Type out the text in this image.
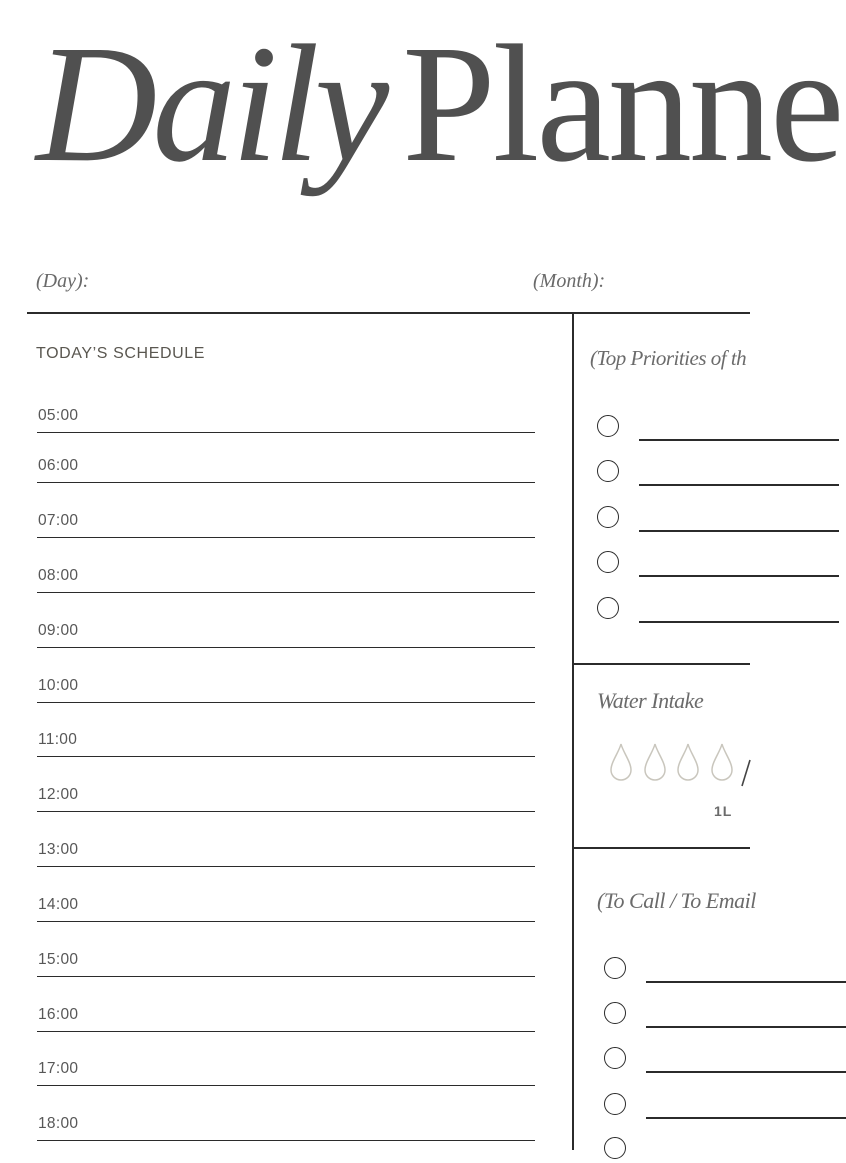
Daily Planne
(Day):	(Month):
TODAY’S SCHEDULE
05:00
06:00
07:00
08:00
09:00
10:00
11:00
12:00
13:00
14:00
15:00
16:00
17:00
18:00
(Top Priorities of th
Water Intake
1L
(To Call / To Email
